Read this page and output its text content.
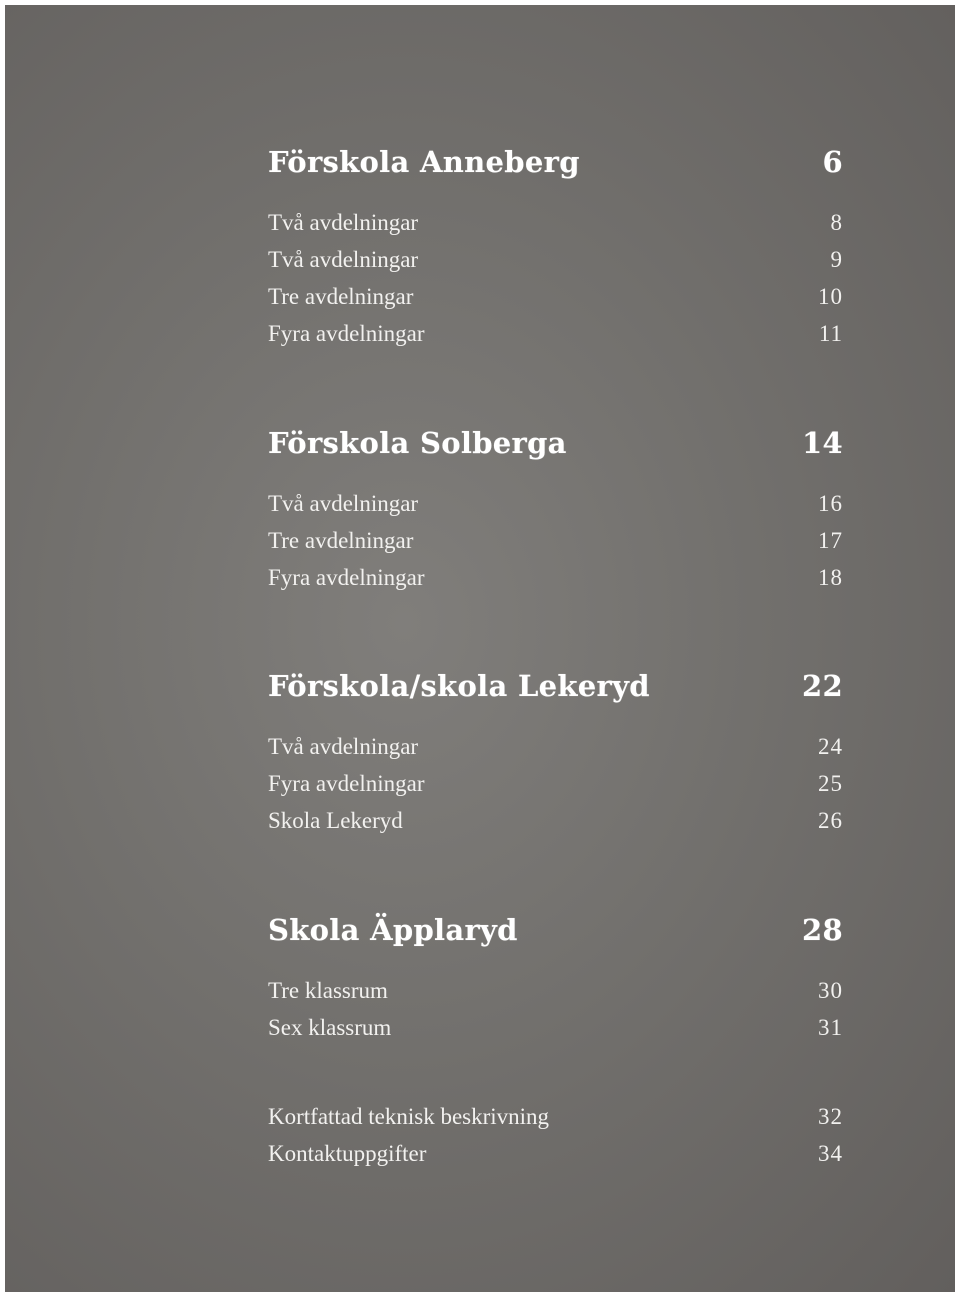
Förskola Anneberg	6
Två avdelningar	8
Två avdelningar	9
Tre avdelningar	10
Fyra avdelningar	11
Förskola Solberga	14
Två avdelningar	16
Tre avdelningar	17
Fyra avdelningar	18
Förskola/skola Lekeryd	22
Två avdelningar	24
Fyra avdelningar	25
Skola Lekeryd	26
Skola Äpplaryd	28
Tre klassrum	30
Sex klassrum	31
Kortfattad teknisk beskrivning	32
Kontaktuppgifter	34
